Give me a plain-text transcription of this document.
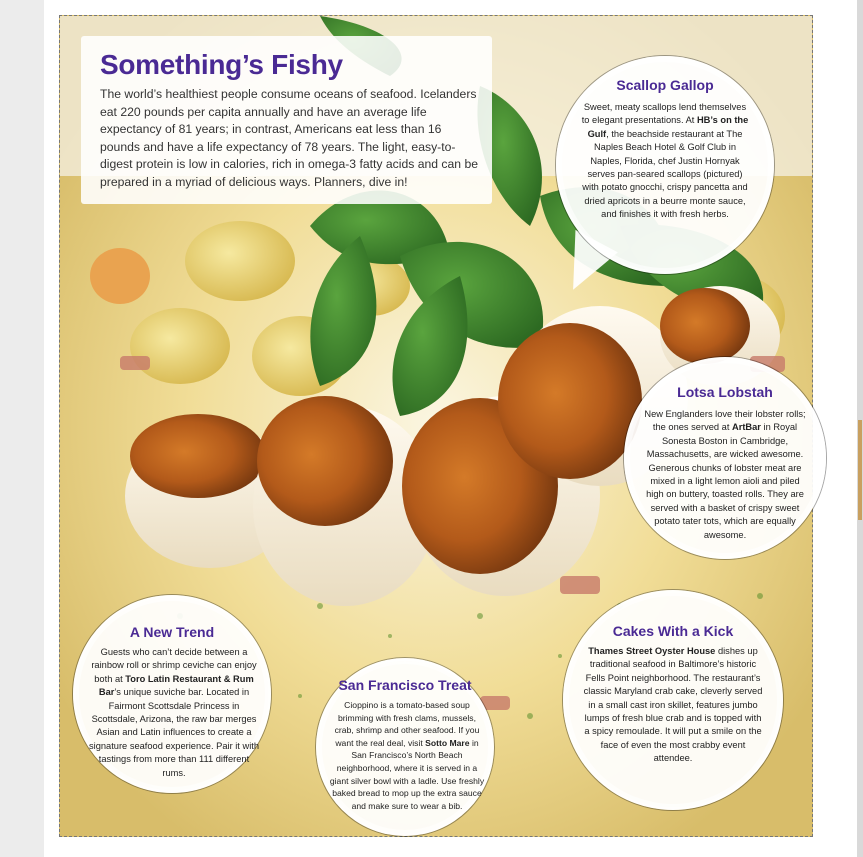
Something’s Fishy

The world’s healthiest people consume oceans of seafood. Icelanders eat 220 pounds per capita annually and have an average life expectancy of 81 years; in contrast, Americans eat less than 16 pounds and have a life expectancy of 78 years. The light, easy-to-digest protein is low in calories, rich in omega-3 fatty acids and can be prepared in a myriad of delicious ways. Planners, dive in!

Scallop Gallop
Sweet, meaty scallops lend themselves to elegant presentations. At HB’s on the Gulf, the beachside restaurant at The Naples Beach Hotel & Golf Club in Naples, Florida, chef Justin Hornyak serves pan-seared scallops (pictured) with potato gnocchi, crispy pancetta and dried apricots in a beurre monte sauce, and finishes it with fresh herbs.
Lotsa Lobstah
New Englanders love their lobster rolls; the ones served at ArtBar in Royal Sonesta Boston in Cambridge, Massachusetts, are wicked awesome. Generous chunks of lobster meat are mixed in a light lemon aioli and piled high on buttery, toasted rolls. They are served with a basket of crispy sweet potato tater tots, which are equally awesome.
A New Trend
Guests who can’t decide between a rainbow roll or shrimp ceviche can enjoy both at Toro Latin Restaurant & Rum Bar’s unique suviche bar. Located in Fairmont Scottsdale Princess in Scottsdale, Arizona, the raw bar merges Asian and Latin influences to create a signature seafood experience. Pair it with tastings from more than 111 different rums.
San Francisco Treat
Cioppino is a tomato-based soup brimming with fresh clams, mussels, crab, shrimp and other seafood. If you want the real deal, visit Sotto Mare in San Francisco’s North Beach neighborhood, where it is served in a giant silver bowl with a ladle. Use freshly baked bread to mop up the extra sauce and make sure to wear a bib.
Cakes With a Kick
Thames Street Oyster House dishes up traditional seafood in Baltimore’s historic Fells Point neighborhood. The restaurant’s classic Maryland crab cake, cleverly served in a small cast iron skillet, features jumbo lumps of fresh blue crab and is topped with a spicy remoulade. It will put a smile on the face of even the most crabby event attendee.
